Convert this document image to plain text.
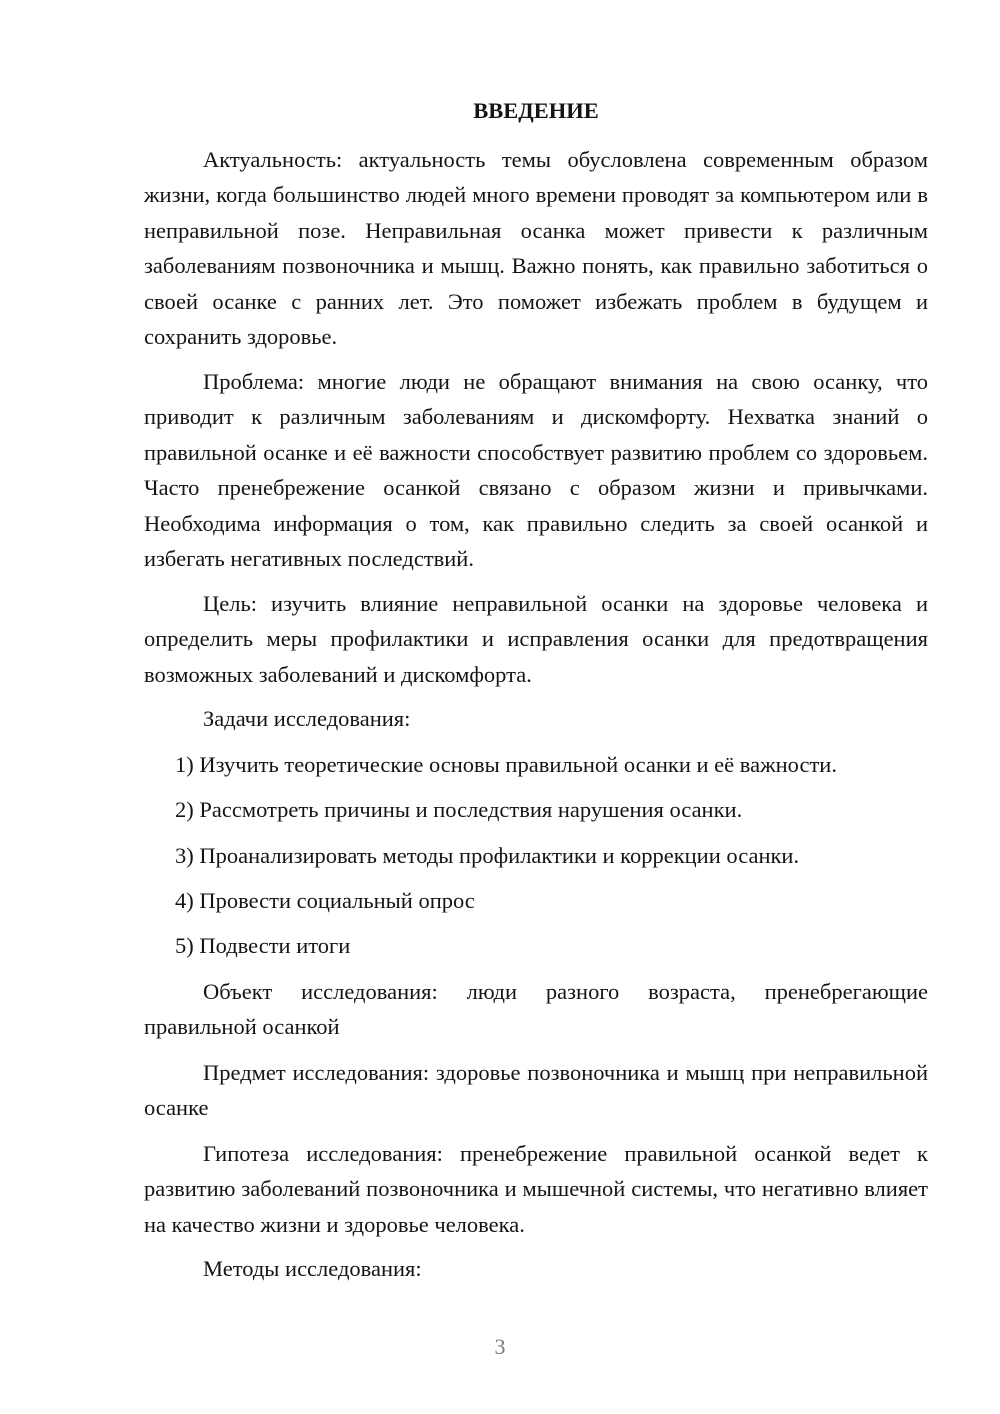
ВВЕДЕНИЕ

Актуальность: актуальность темы обусловлена современным образом жизни, когда большинство людей много времени проводят за компьютером или в неправильной позе. Неправильная осанка может привести к различным заболеваниям позвоночника и мышц. Важно понять, как правильно заботиться о своей осанке с ранних лет. Это поможет избежать проблем в будущем и сохранить здоровье.

Проблема: многие люди не обращают внимания на свою осанку, что приводит к различным заболеваниям и дискомфорту. Нехватка знаний о правильной осанке и её важности способствует развитию проблем со здоровьем. Часто пренебрежение осанкой связано с образом жизни и привычками. Необходима информация о том, как правильно следить за своей осанкой и избегать негативных последствий.

Цель: изучить влияние неправильной осанки на здоровье человека и определить меры профилактики и исправления осанки для предотвращения возможных заболеваний и дискомфорта.

Задачи исследования:

1) Изучить теоретические основы правильной осанки и её важности.

2) Рассмотреть причины и последствия нарушения осанки.

3) Проанализировать методы профилактики и коррекции осанки.

4) Провести социальный опрос

5) Подвести итоги

Объект исследования: люди разного возраста, пренебрегающие правильной осанкой

Предмет исследования: здоровье позвоночника и мышц при неправильной осанке

Гипотеза исследования: пренебрежение правильной осанкой ведет к развитию заболеваний позвоночника и мышечной системы, что негативно влияет на качество жизни и здоровье человека.

Методы исследования:

3
